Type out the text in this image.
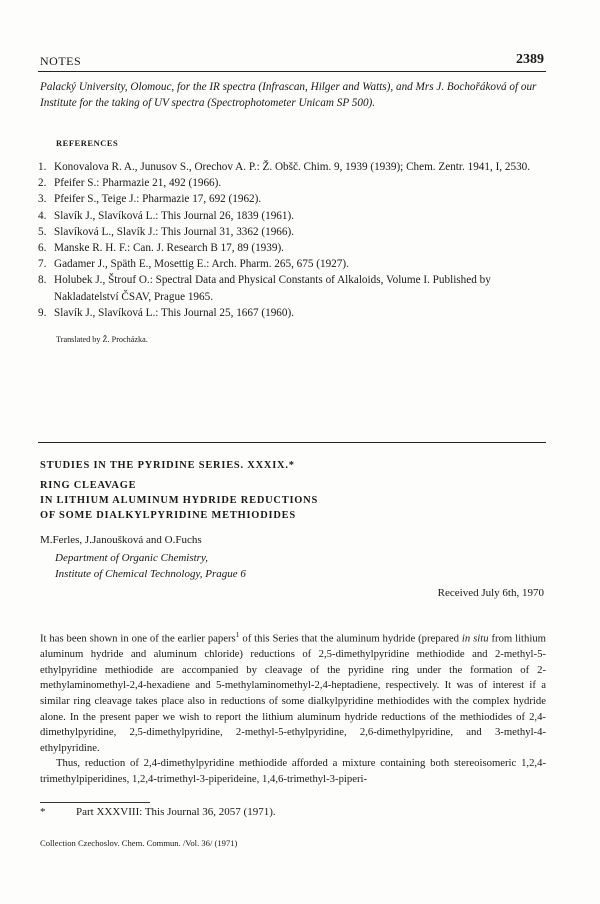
NOTES	2389
Palacký University, Olomouc, for the IR spectra (Infrascan, Hilger and Watts), and Mrs J. Bochořáková of our Institute for the taking of UV spectra (Spectrophotometer Unicam SP 500).
REFERENCES
1. Konovalova R. A., Junusov S., Orechov A. P.: Ž. Obšč. Chim. 9, 1939 (1939); Chem. Zentr. 1941, I, 2530.
2. Pfeifer S.: Pharmazie 21, 492 (1966).
3. Pfeifer S., Teige J.: Pharmazie 17, 692 (1962).
4. Slavík J., Slavíková L.: This Journal 26, 1839 (1961).
5. Slavíková L., Slavík J.: This Journal 31, 3362 (1966).
6. Manske R. H. F.: Can. J. Research B 17, 89 (1939).
7. Gadamer J., Späth E., Mosettig E.: Arch. Pharm. 265, 675 (1927).
8. Holubek J., Štrouf O.: Spectral Data and Physical Constants of Alkaloids, Volume I. Published by Nakladatelství ČSAV, Prague 1965.
9. Slavík J., Slavíková L.: This Journal 25, 1667 (1960).
Translated by Ž. Procházka.
STUDIES IN THE PYRIDINE SERIES. XXXIX.*
RING CLEAVAGE
IN LITHIUM ALUMINUM HYDRIDE REDUCTIONS
OF SOME DIALKYLPYRIDINE METHIODIDES
M.Ferles, J.Janoušková and O.Fuchs
Department of Organic Chemistry,
Institute of Chemical Technology, Prague 6
Received July 6th, 1970

It has been shown in one of the earlier papers$^1$ of this Series that the aluminum hydride (prepared in situ from lithium aluminum hydride and aluminum chloride) reductions of 2,5-dimethylpyridine methiodide and 2-methyl-5-ethylpyridine methiodide are accompanied by cleavage of the pyridine ring under the formation of 2-methylaminomethyl-2,4-hexadiene and 5-methylaminomethyl-2,4-heptadiene, respectively. It was of interest if a similar ring cleavage takes place also in reductions of some dialkylpyridine methiodides with the complex hydride alone. In the present paper we wish to report the lithium aluminum hydride reductions of the methiodides of 2,4-dimethylpyridine, 2,5-dimethylpyridine, 2-methyl-5-ethylpyridine, 2,6-dimethylpyridine, and 3-methyl-4-ethylpyridine.

Thus, reduction of 2,4-dimethylpyridine methiodide afforded a mixture containing both stereoisomeric 1,2,4-trimethylpiperidines, 1,2,4-trimethyl-3-piperideine, 1,4,6-trimethyl-3-piperi-

*	Part XXXVIII: This Journal 36, 2057 (1971).
Collection Czechoslov. Chem. Commun. /Vol. 36/ (1971)
